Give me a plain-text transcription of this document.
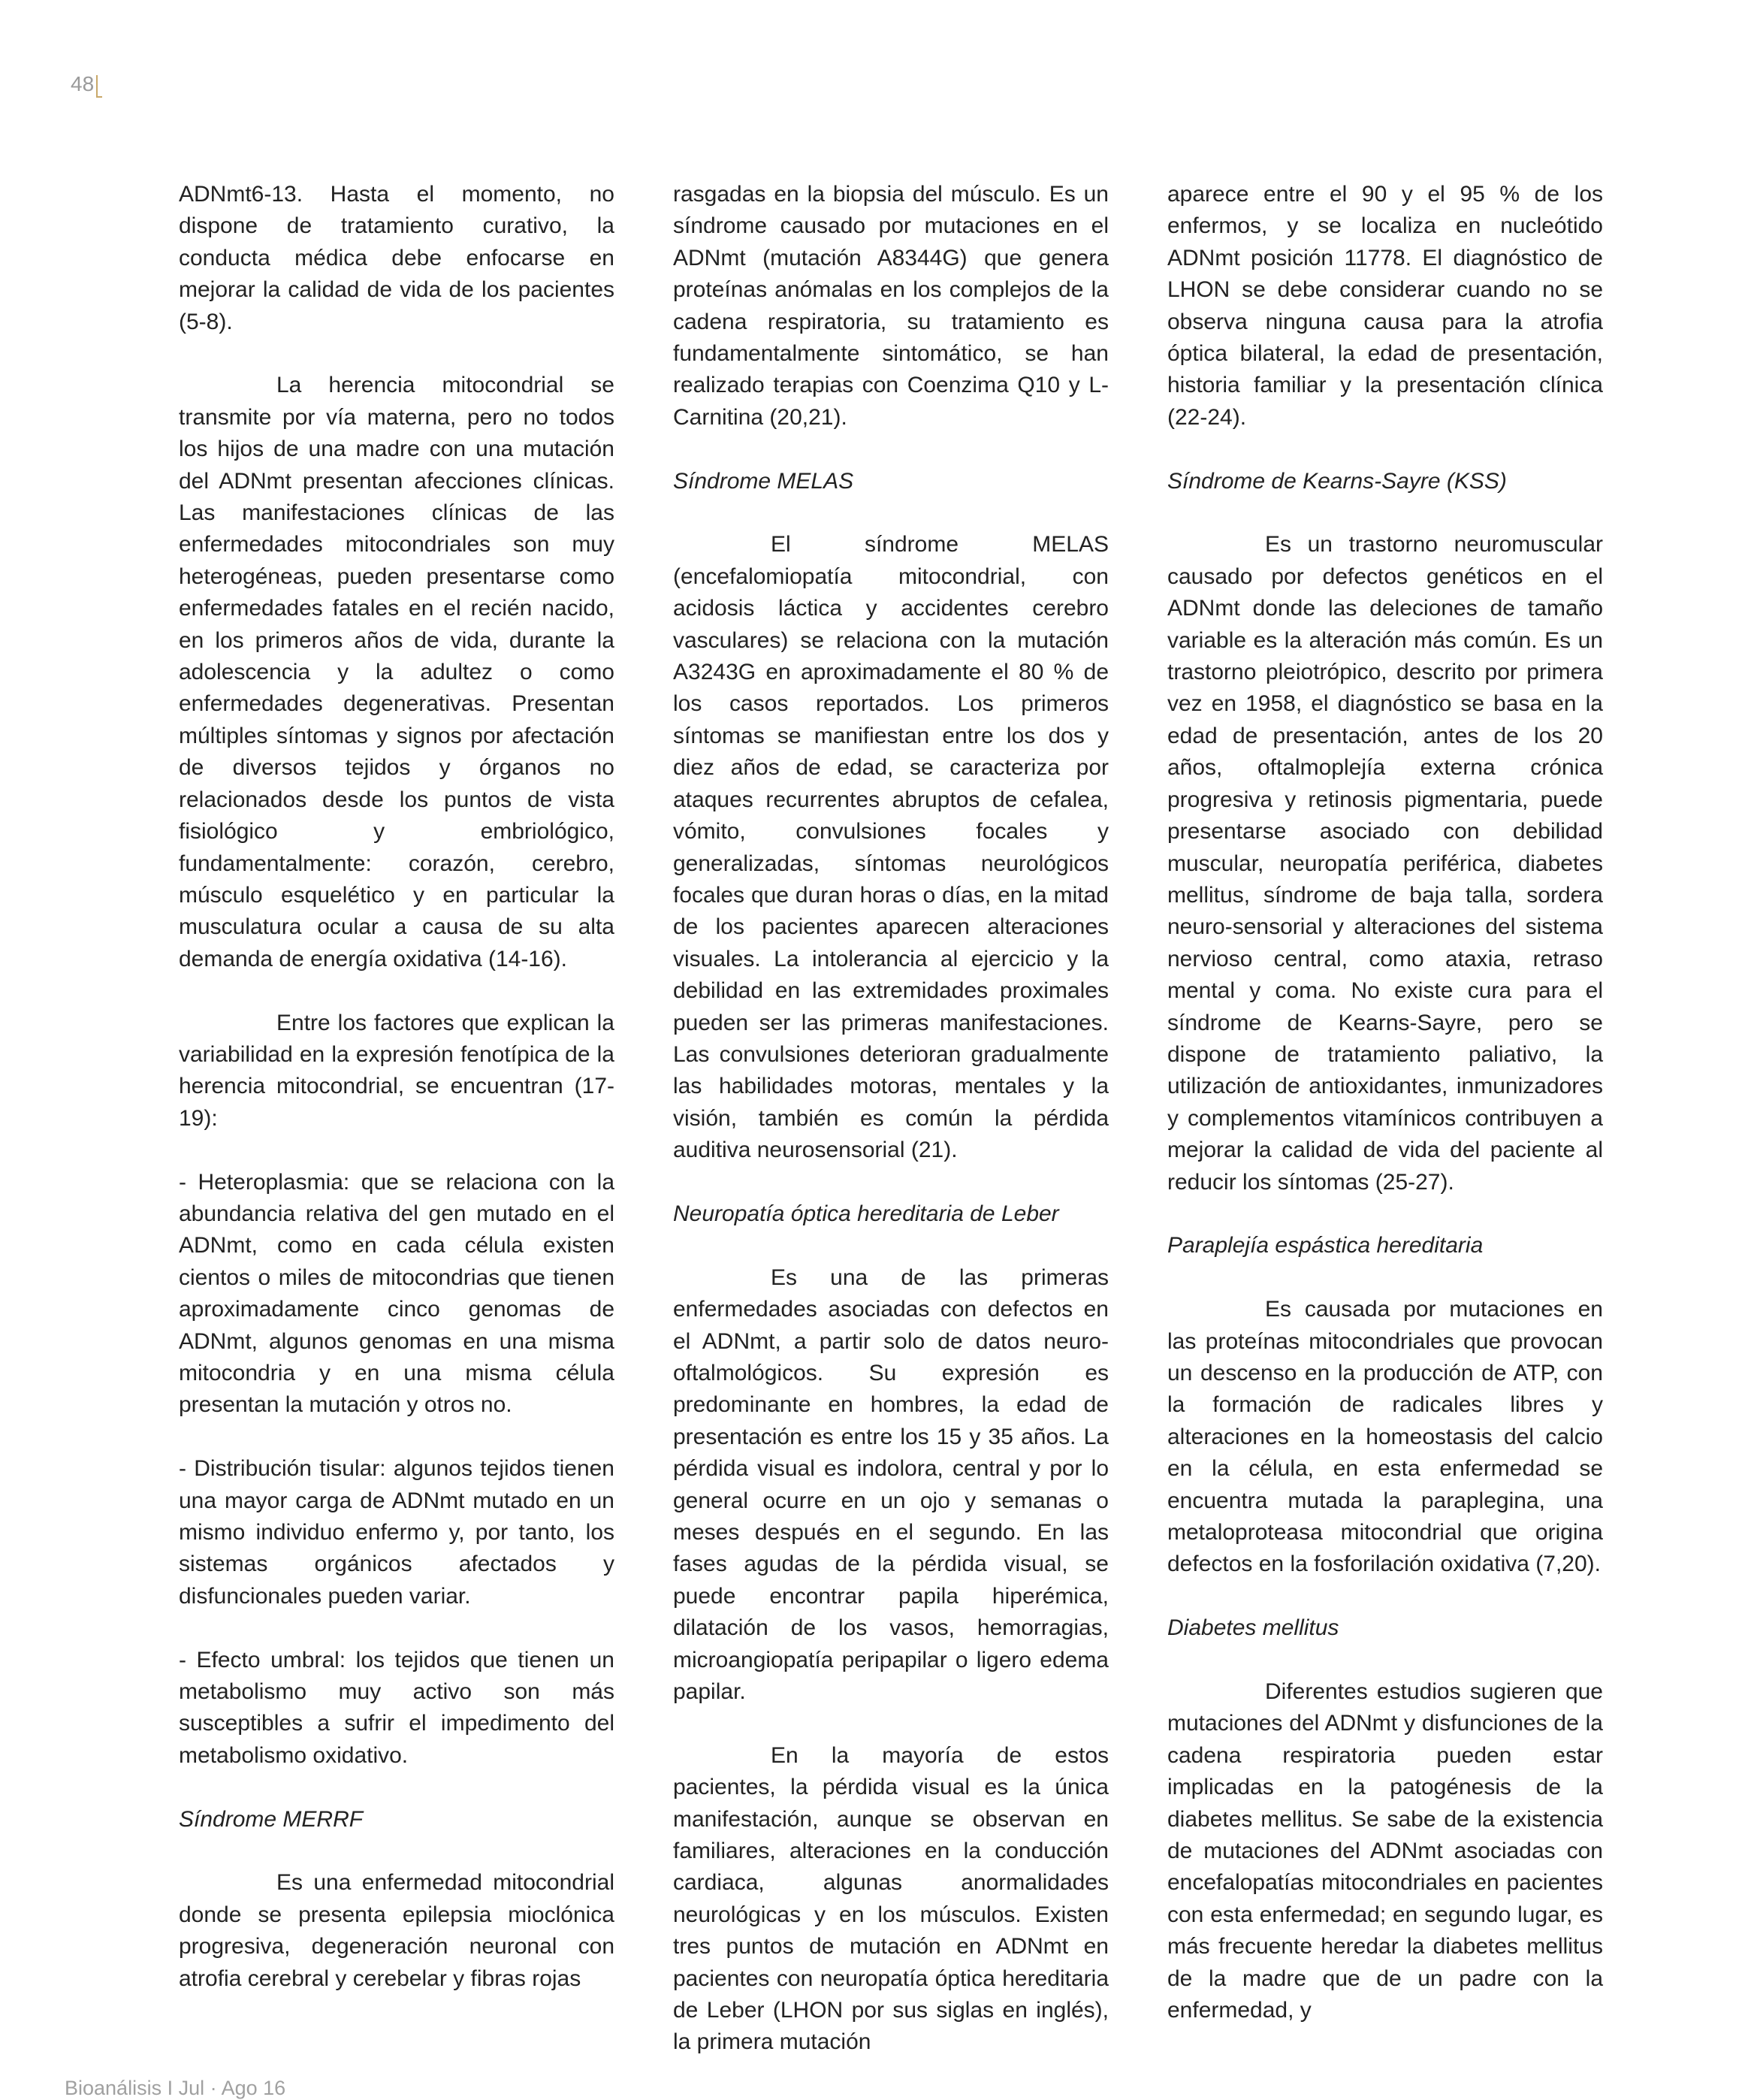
48

ADNmt6-13. Hasta el momento, no dispone de tratamiento curativo, la conducta médica debe enfocarse en mejorar la calidad de vida de los pacientes (5-8).

La herencia mitocondrial se transmite por vía materna, pero no todos los hijos de una madre con una mutación del ADNmt presentan afecciones clínicas. Las manifestaciones clínicas de las enfermedades mitocondriales son muy heterogéneas, pueden presentarse como enfermedades fatales en el recién nacido, en los primeros años de vida, durante la adolescencia y la adultez o como enfermedades degenerativas. Presentan múltiples síntomas y signos por afectación de diversos tejidos y órganos no relacionados desde los puntos de vista fisiológico y embriológico, fundamentalmente: corazón, cerebro, músculo esquelético y en particular la musculatura ocular a causa de su alta demanda de energía oxidativa (14-16).

Entre los factores que explican la variabilidad en la expresión fenotípica de la herencia mitocondrial, se encuentran (17-19):

- Heteroplasmia: que se relaciona con la abundancia relativa del gen mutado en el ADNmt, como en cada célula existen cientos o miles de mitocondrias que tienen aproximadamente cinco genomas de ADNmt, algunos genomas en una misma mitocondria y en una misma célula presentan la mutación y otros no.

- Distribución tisular: algunos tejidos tienen una mayor carga de ADNmt mutado en un mismo individuo enfermo y, por tanto, los sistemas orgánicos afectados y disfuncionales pueden variar.

- Efecto umbral: los tejidos que tienen un metabolismo muy activo son más susceptibles a sufrir el impedimento del metabolismo oxidativo.

Síndrome MERRF

Es una enfermedad mitocondrial donde se presenta epilepsia mioclónica progresiva, degeneración neuronal con atrofia cerebral y cerebelar y fibras rojas

rasgadas en la biopsia del músculo. Es un síndrome causado por mutaciones en el ADNmt (mutación A8344G) que genera proteínas anómalas en los complejos de la cadena respiratoria, su tratamiento es fundamentalmente sintomático, se han realizado terapias con Coenzima Q10 y L-Carnitina (20,21).

Síndrome MELAS

El síndrome MELAS (encefalomiopatía mitocondrial, con acidosis láctica y accidentes cerebro vasculares) se relaciona con la mutación A3243G en aproximadamente el 80 % de los casos reportados. Los primeros síntomas se manifiestan entre los dos y diez años de edad, se caracteriza por ataques recurrentes abruptos de cefalea, vómito, convulsiones focales y generalizadas, síntomas neurológicos focales que duran horas o días, en la mitad de los pacientes aparecen alteraciones visuales. La intolerancia al ejercicio y la debilidad en las extremidades proximales pueden ser las primeras manifestaciones. Las convulsiones deterioran gradualmente las habilidades motoras, mentales y la visión, también es común la pérdida auditiva neurosensorial (21).

Neuropatía óptica hereditaria de Leber

Es una de las primeras enfermedades asociadas con defectos en el ADNmt, a partir solo de datos neuro-oftalmológicos. Su expresión es predominante en hombres, la edad de presentación es entre los 15 y 35 años. La pérdida visual es indolora, central y por lo general ocurre en un ojo y semanas o meses después en el segundo. En las fases agudas de la pérdida visual, se puede encontrar papila hiperémica, dilatación de los vasos, hemorragias, microangiopatía peripapilar o ligero edema papilar.

En la mayoría de estos pacientes, la pérdida visual es la única manifestación, aunque se observan en familiares, alteraciones en la conducción cardiaca, algunas anormalidades neurológicas y en los músculos. Existen tres puntos de mutación en ADNmt en pacientes con neuropatía óptica hereditaria de Leber (LHON por sus siglas en inglés), la primera mutación

aparece entre el 90 y el 95 % de los enfermos, y se localiza en nucleótido ADNmt posición 11778. El diagnóstico de LHON se debe considerar cuando no se observa ninguna causa para la atrofia óptica bilateral, la edad de presentación, historia familiar y la presentación clínica (22-24).

Síndrome de Kearns-Sayre (KSS)

Es un trastorno neuromuscular causado por defectos genéticos en el ADNmt donde las deleciones de tamaño variable es la alteración más común. Es un trastorno pleiotrópico, descrito por primera vez en 1958, el diagnóstico se basa en la edad de presentación, antes de los 20 años, oftalmoplejía externa crónica progresiva y retinosis pigmentaria, puede presentarse asociado con debilidad muscular, neuropatía periférica, diabetes mellitus, síndrome de baja talla, sordera neuro-sensorial y alteraciones del sistema nervioso central, como ataxia, retraso mental y coma. No existe cura para el síndrome de Kearns-Sayre, pero se dispone de tratamiento paliativo, la utilización de antioxidantes, inmunizadores y complementos vitamínicos contribuyen a mejorar la calidad de vida del paciente al reducir los síntomas (25-27).

Paraplejía espástica hereditaria

Es causada por mutaciones en las proteínas mitocondriales que provocan un descenso en la producción de ATP, con la formación de radicales libres y alteraciones en la homeostasis del calcio en la célula, en esta enfermedad se encuentra mutada la paraplegina, una metaloproteasa mitocondrial que origina defectos en la fosforilación oxidativa (7,20).

Diabetes mellitus

Diferentes estudios sugieren que mutaciones del ADNmt y disfunciones de la cadena respiratoria pueden estar implicadas en la patogénesis de la diabetes mellitus. Se sabe de la existencia de mutaciones del ADNmt asociadas con encefalopatías mitocondriales en pacientes con esta enfermedad; en segundo lugar, es más frecuente heredar la diabetes mellitus de la madre que de un padre con la enfermedad, y

Bioanálisis I Jul · Ago 16
